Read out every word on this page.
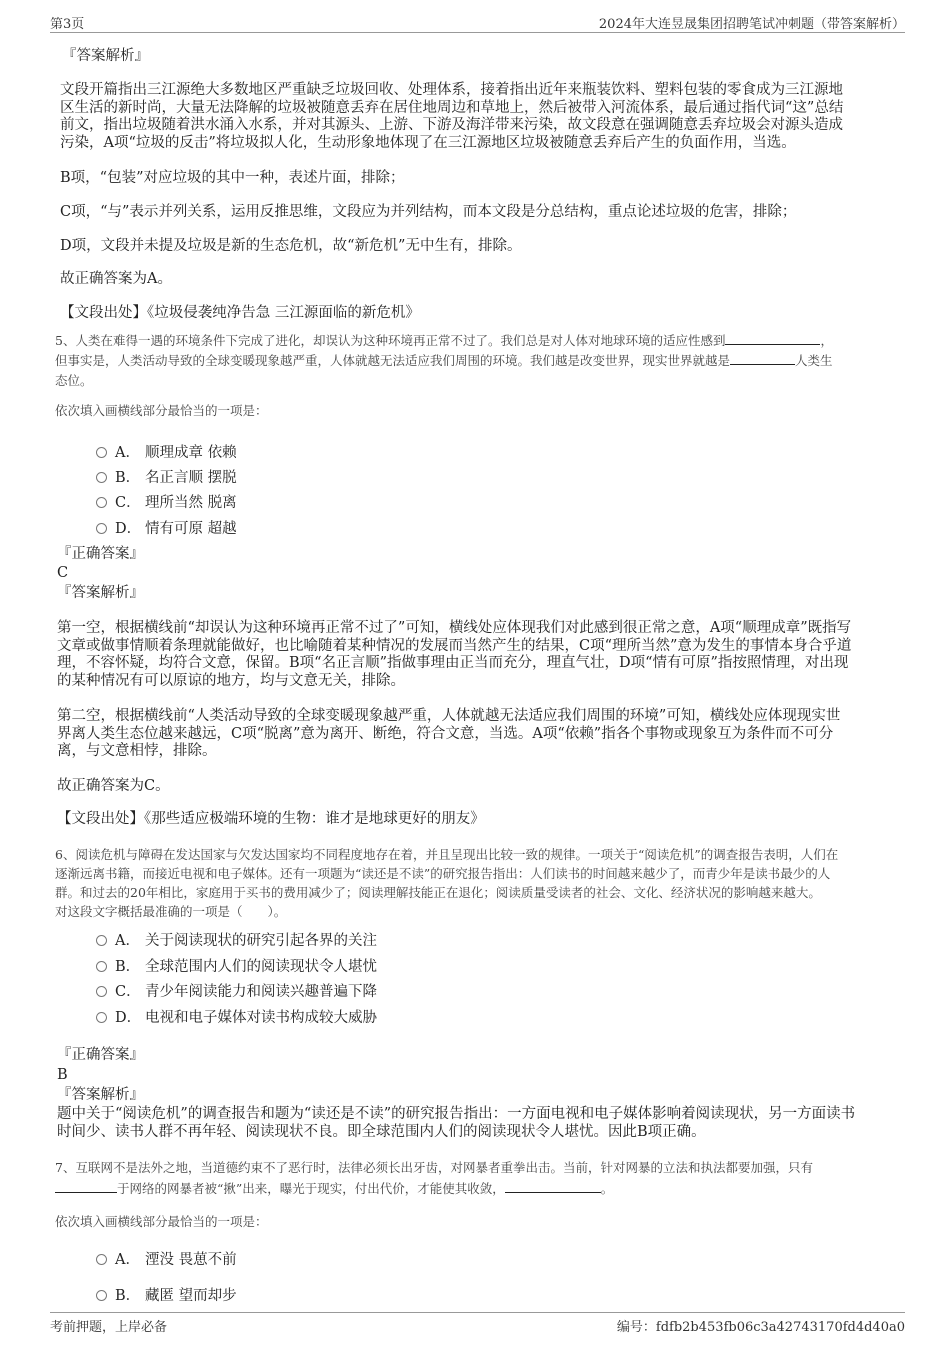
第3页	2024年大连昱晟集团招聘笔试冲刺题（带答案解析）
『答案解析』
文段开篇指出三江源绝大多数地区严重缺乏垃圾回收、处理体系，接着指出近年来瓶装饮料、塑料包装的零食成为三江源地
区生活的新时尚，大量无法降解的垃圾被随意丢弃在居住地周边和草地上，然后被带入河流体系，最后通过指代词“这”总结
前文，指出垃圾随着洪水涌入水系，并对其源头、上游、下游及海洋带来污染，故文段意在强调随意丢弃垃圾会对源头造成
污染，A项“垃圾的反击”将垃圾拟人化，生动形象地体现了在三江源地区垃圾被随意丢弃后产生的负面作用，当选。
B项，“包装”对应垃圾的其中一种，表述片面，排除；
C项，“与”表示并列关系，运用反推思维，文段应为并列结构，而本文段是分总结构，重点论述垃圾的危害，排除；
D项，文段并未提及垃圾是新的生态危机，故“新危机”无中生有，排除。
故正确答案为A。
【文段出处】《垃圾侵袭纯净告急 三江源面临的新危机》
5、人类在难得一遇的环境条件下完成了进化，却误认为这种环境再正常不过了。我们总是对人体对地球环境的适应性感到	，
但事实是，人类活动导致的全球变暖现象越严重，人体就越无法适应我们周围的环境。我们越是改变世界，现实世界就越是	人类生
态位。
依次填入画横线部分最恰当的一项是：
A． 顺理成章 依赖
B． 名正言顺 摆脱
C． 理所当然 脱离
D． 情有可原 超越
『正确答案』
C
『答案解析』
第一空，根据横线前“却误认为这种环境再正常不过了”可知，横线处应体现我们对此感到很正常之意，A项“顺理成章”既指写
文章或做事情顺着条理就能做好，也比喻随着某种情况的发展而当然产生的结果，C项“理所当然”意为发生的事情本身合乎道
理，不容怀疑，均符合文意，保留。B项“名正言顺”指做事理由正当而充分，理直气壮，D项“情有可原”指按照情理，对出现
的某种情况有可以原谅的地方，均与文意无关，排除。
第二空，根据横线前“人类活动导致的全球变暖现象越严重，人体就越无法适应我们周围的环境”可知，横线处应体现现实世
界离人类生态位越来越远，C项“脱离”意为离开、断绝，符合文意，当选。A项“依赖”指各个事物或现象互为条件而不可分
离，与文意相悖，排除。
故正确答案为C。
【文段出处】《那些适应极端环境的生物：谁才是地球更好的朋友》
6、阅读危机与障碍在发达国家与欠发达国家均不同程度地存在着，并且呈现出比较一致的规律。一项关于“阅读危机”的调查报告表明，人们在
逐渐远离书籍，而接近电视和电子媒体。还有一项题为“读还是不读”的研究报告指出：人们读书的时间越来越少了，而青少年是读书最少的人
群。和过去的20年相比，家庭用于买书的费用减少了；阅读理解技能正在退化；阅读质量受读者的社会、文化、经济状况的影响越来越大。
对这段文字概括最准确的一项是（　　）。
A． 关于阅读现状的研究引起各界的关注
B． 全球范围内人们的阅读现状令人堪忧
C． 青少年阅读能力和阅读兴趣普遍下降
D． 电视和电子媒体对读书构成较大威胁
『正确答案』
B
『答案解析』
题中关于“阅读危机”的调查报告和题为“读还是不读”的研究报告指出：一方面电视和电子媒体影响着阅读现状，另一方面读书
时间少、读书人群不再年轻、阅读现状不良。即全球范围内人们的阅读现状令人堪忧。因此B项正确。
7、互联网不是法外之地，当道德约束不了恶行时，法律必须长出牙齿，对网暴者重拳出击。当前，针对网暴的立法和执法都要加强，只有
于网络的网暴者被“揪”出来，曝光于现实，付出代价，才能使其收敛，	。
依次填入画横线部分最恰当的一项是：
A． 湮没 畏葸不前
B． 藏匿 望而却步
考前押题，上岸必备	编号：fdfb2b453fb06c3a42743170fd4d40a0
